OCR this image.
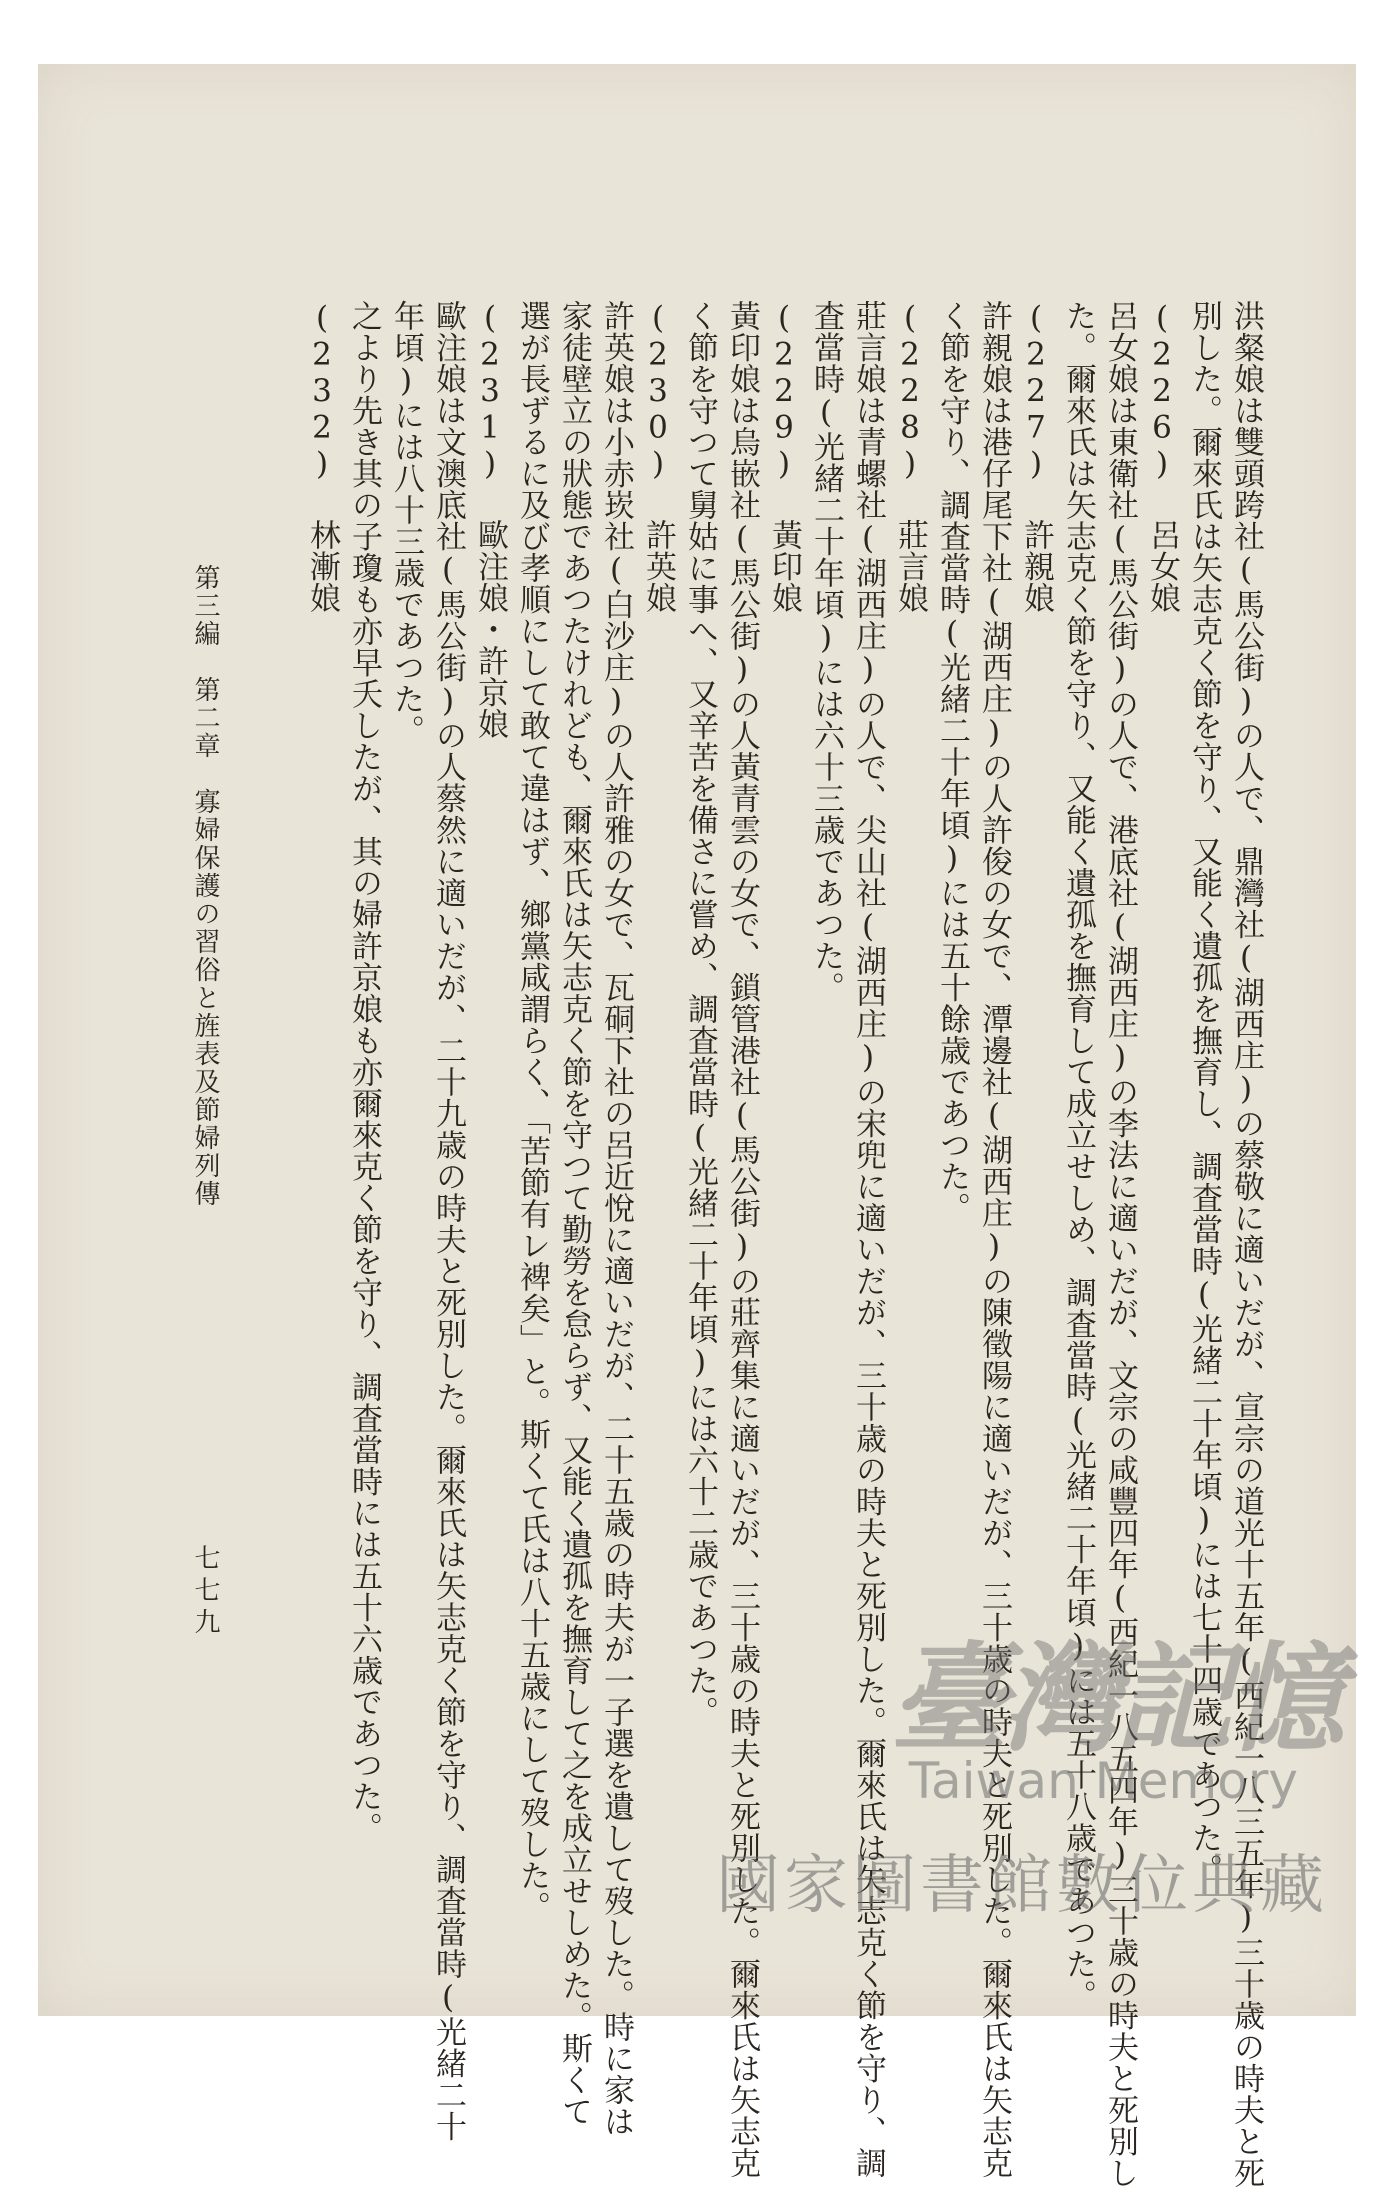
洪粲娘は雙頭跨社(馬公街)の人で、鼎灣社(湖西庄)の蔡敬に適いだが、宣宗の道光十五年(西紀一八三五年)三十歳の時夫と死
別した。爾來氏は矢志克く節を守り、又能く遺孤を撫育し、調査當時(光緒二十年頃)には七十四歳であつた。
(226) 呂女娘
呂女娘は東衛社(馬公街)の人で、港底社(湖西庄)の李法に適いだが、文宗の咸豐四年(西紀一八五四年)三十歳の時夫と死別し
た。爾來氏は矢志克く節を守り、又能く遺孤を撫育して成立せしめ、調査當時(光緒二十年頃)には五十八歳であつた。
(227) 許親娘
許親娘は港仔尾下社(湖西庄)の人許俊の女で、潭邊社(湖西庄)の陳徵陽に適いだが、三十歳の時夫と死別した。爾來氏は矢志克
く節を守り、調査當時(光緒二十年頃)には五十餘歳であつた。
(228) 莊言娘
莊言娘は青螺社(湖西庄)の人で、尖山社(湖西庄)の宋兜に適いだが、三十歳の時夫と死別した。爾來氏は矢志克く節を守り、調
査當時(光緒二十年頃)には六十三歳であつた。
(229) 黃印娘
黃印娘は烏嵌社(馬公街)の人黃青雲の女で、鎖管港社(馬公街)の莊齊集に適いだが、三十歳の時夫と死別した。爾來氏は矢志克
く節を守つて舅姑に事へ、又辛苦を備さに嘗め、調査當時(光緒二十年頃)には六十二歳であつた。
(230) 許英娘
許英娘は小赤崁社(白沙庄)の人許雅の女で、瓦硐下社の呂近悅に適いだが、二十五歳の時夫が一子選を遺して歿した。時に家は
家徒壁立の狀態であつたけれども、爾來氏は矢志克く節を守つて勤勞を怠らず、又能く遺孤を撫育して之を成立せしめた。斯くて
選が長ずるに及び孝順にして敢て違はず、鄉黨咸謂らく、「苦節有レ裨矣」と。斯くて氏は八十五歳にして歿した。
(231) 歐注娘・許京娘
歐注娘は文澳底社(馬公街)の人蔡然に適いだが、二十九歳の時夫と死別した。爾來氏は矢志克く節を守り、調査當時(光緒二十
年頃)には八十三歳であつた。
之より先き其の子瓊も亦早夭したが、其の婦許京娘も亦爾來克く節を守り、調査當時には五十六歳であつた。
(232) 林漸娘
第三編　第二章　寡婦保護の習俗と旌表及節婦列傳
七七九
臺灣記憶
Taiwan Memory
國家圖書館數位典藏
